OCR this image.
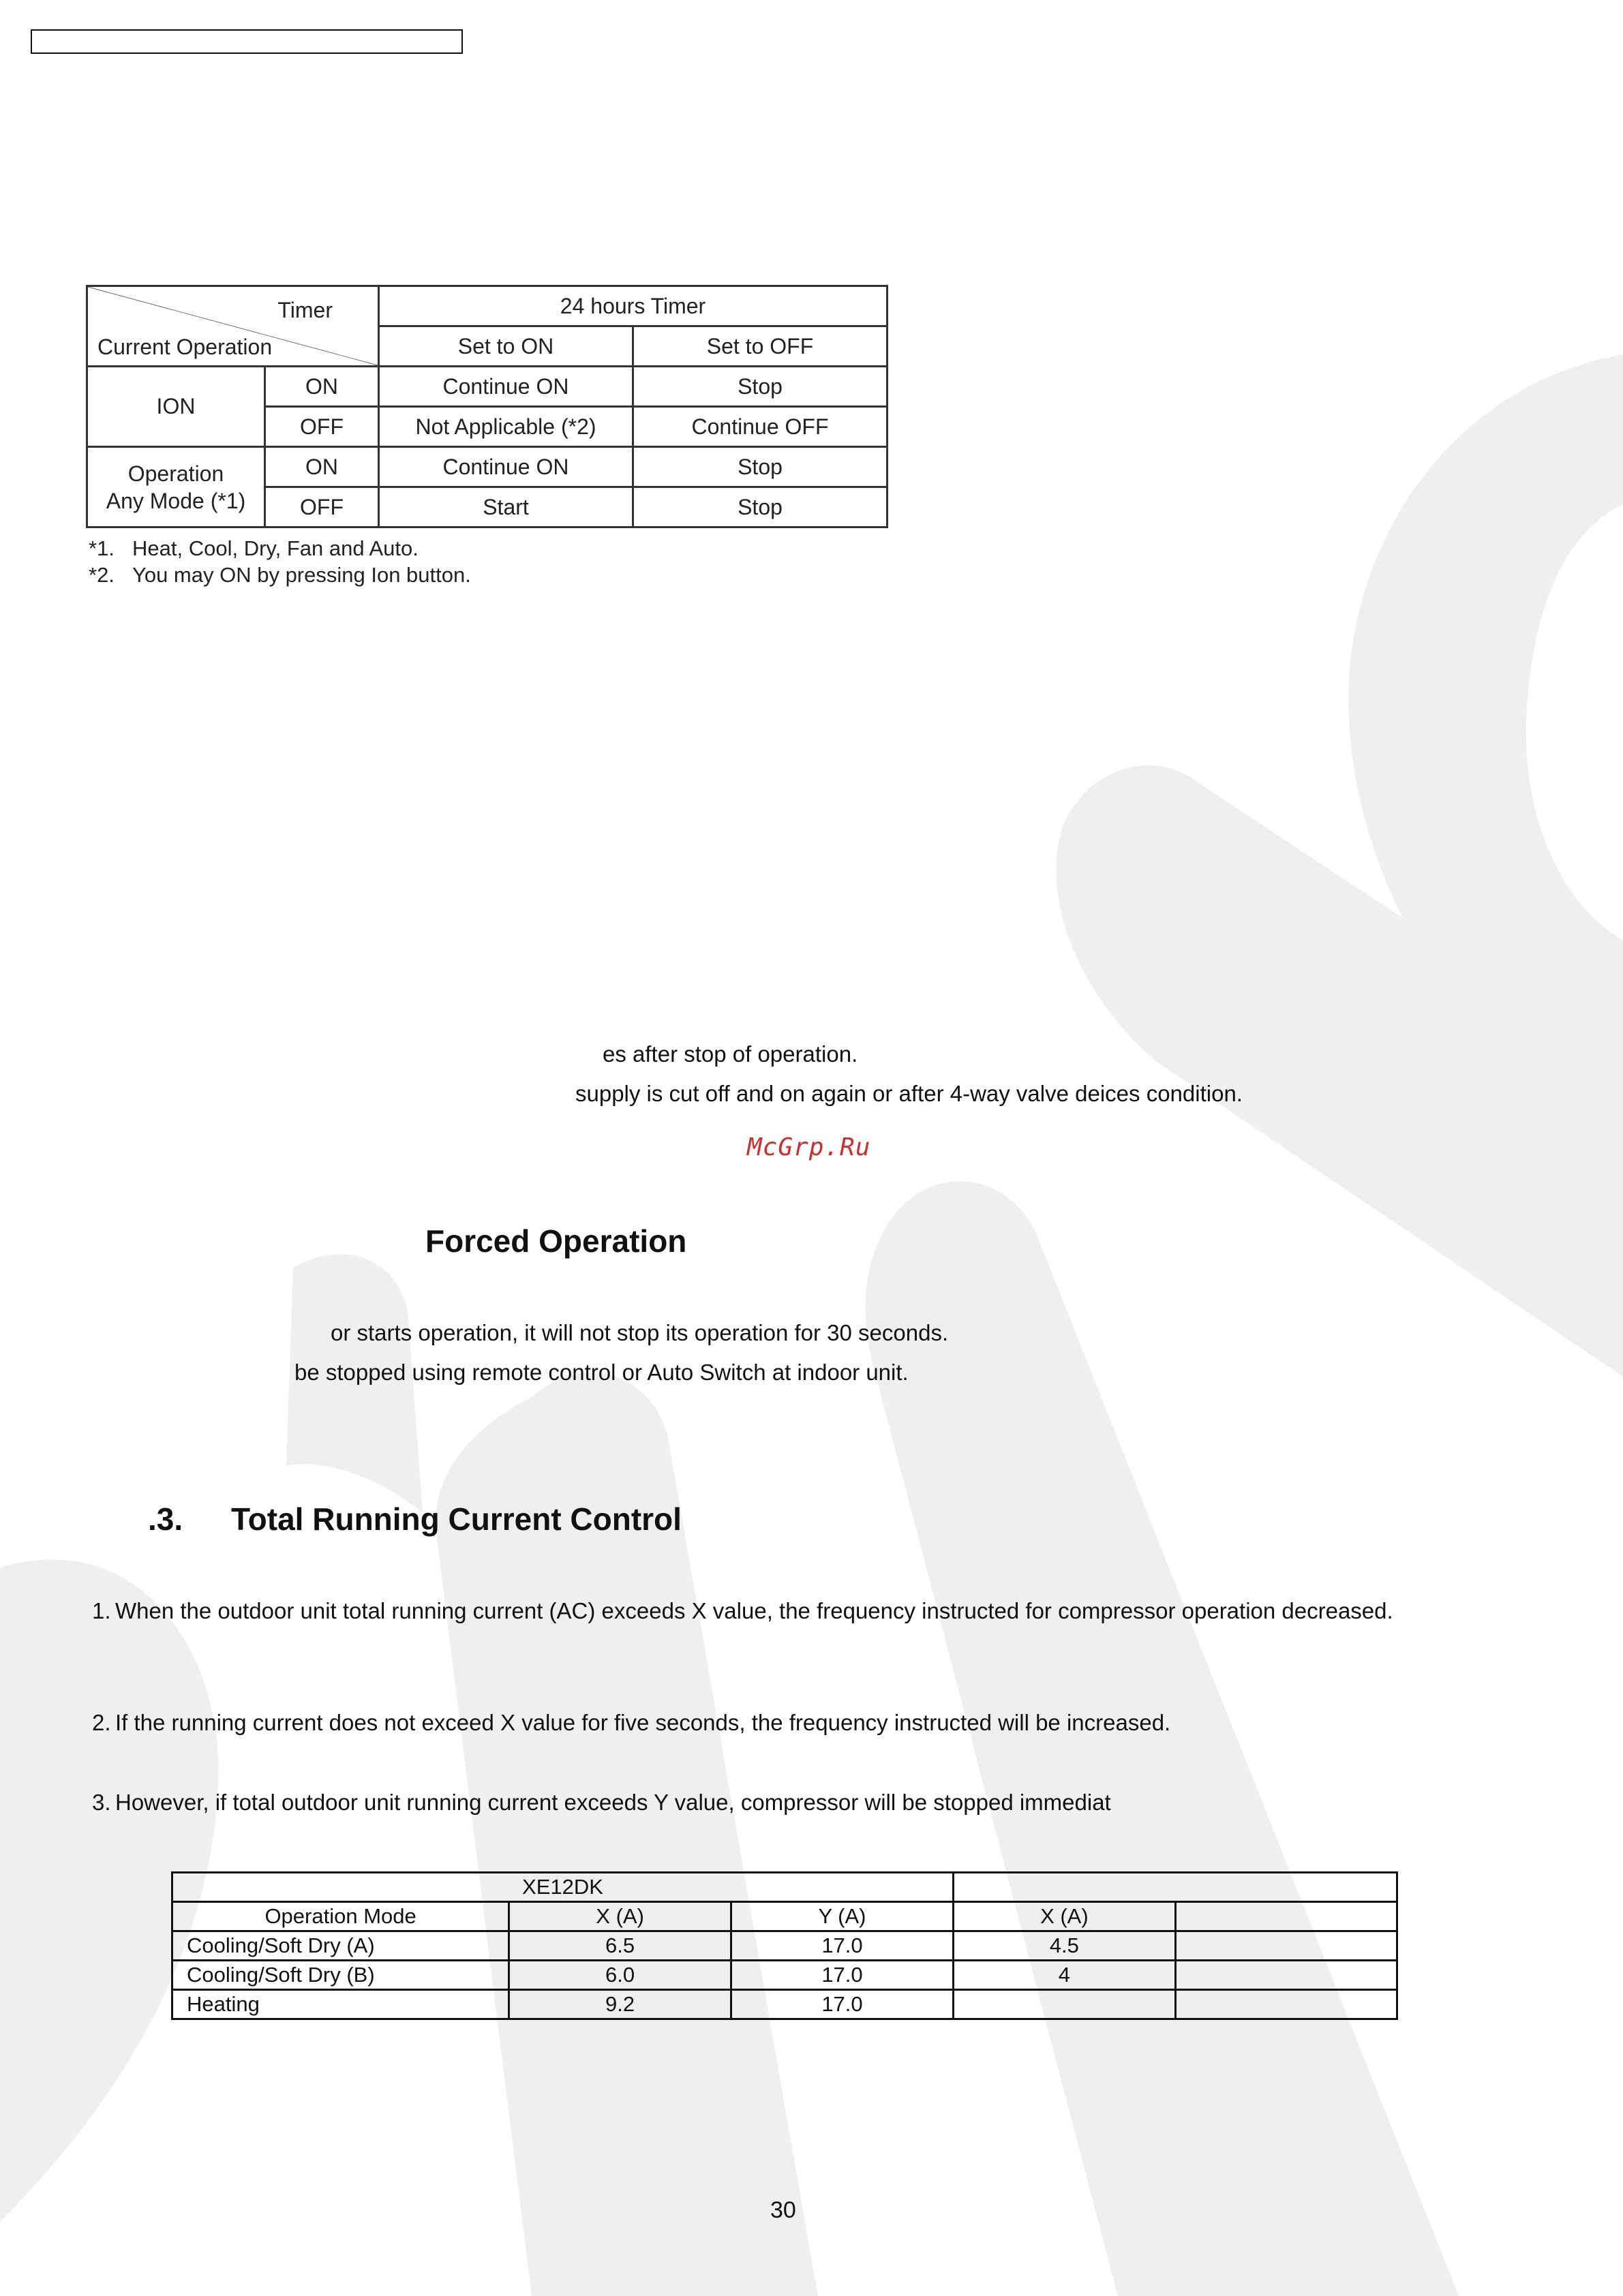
Timer
Current Operation		24 hours Timer	
		Set to ON	Set to OFF
ION	ON	Continue ON	Stop
	OFF	Not Applicable (*2)	Continue OFF
Operation
Any Mode (*1)	ON	Continue ON	Stop
	OFF	Start	Stop
*1. Heat, Cool, Dry, Fan and Auto.
*2. You may ON by pressing Ion button.
es after stop of operation.
supply is cut off and on again or after 4-way valve deices condition.
McGrp.Ru
Forced Operation
or starts operation, it will not stop its operation for 30 seconds.
be stopped using remote control or Auto Switch at indoor unit.
.3. Total Running Current Control
1. When the outdoor unit total running current (AC) exceeds X value, the frequency instructed for compressor operation decreased.
2. If the running current does not exceed X value for five seconds, the frequency instructed will be increased.
3. However, if total outdoor unit running current exceeds Y value, compressor will be stopped immediat
XE12DK				
Operation Mode	X (A)	Y (A)	X (A)	
Cooling/Soft Dry (A)	6.5	17.0	4.5	
Cooling/Soft Dry (B)	6.0	17.0	4	
Heating	9.2	17.0		
30
